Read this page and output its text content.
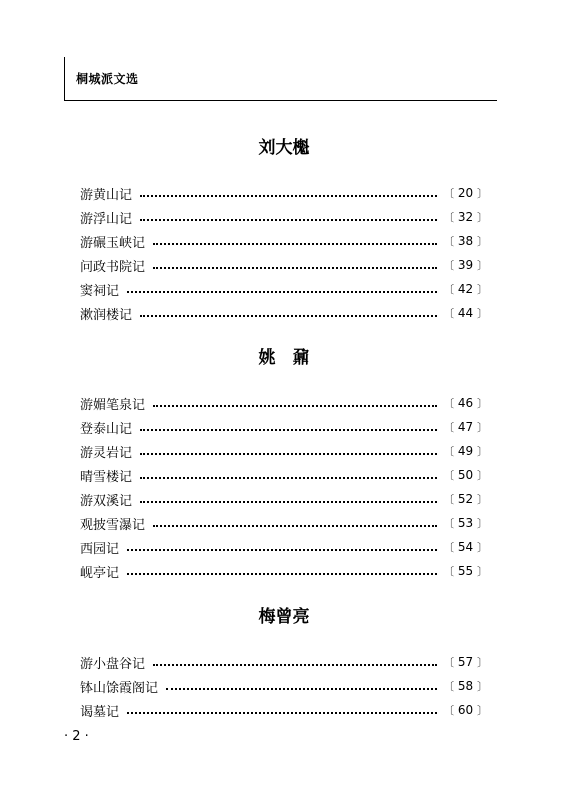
桐城派文选
刘大櫆
游黄山记	〔 20 〕
游浮山记	〔 32 〕
游碾玉峡记	〔 38 〕
问政书院记	〔 39 〕
窦祠记	〔 42 〕
漱润楼记	〔 44 〕
姚　鼐
游媚笔泉记	〔 46 〕
登泰山记	〔 47 〕
游灵岩记	〔 49 〕
晴雪楼记	〔 50 〕
游双溪记	〔 52 〕
观披雪瀑记	〔 53 〕
西园记	〔 54 〕
岘亭记	〔 55 〕
梅曾亮
游小盘谷记	〔 57 〕
钵山馀霞阁记	〔 58 〕
谒墓记	〔 60 〕
· 2 ·
